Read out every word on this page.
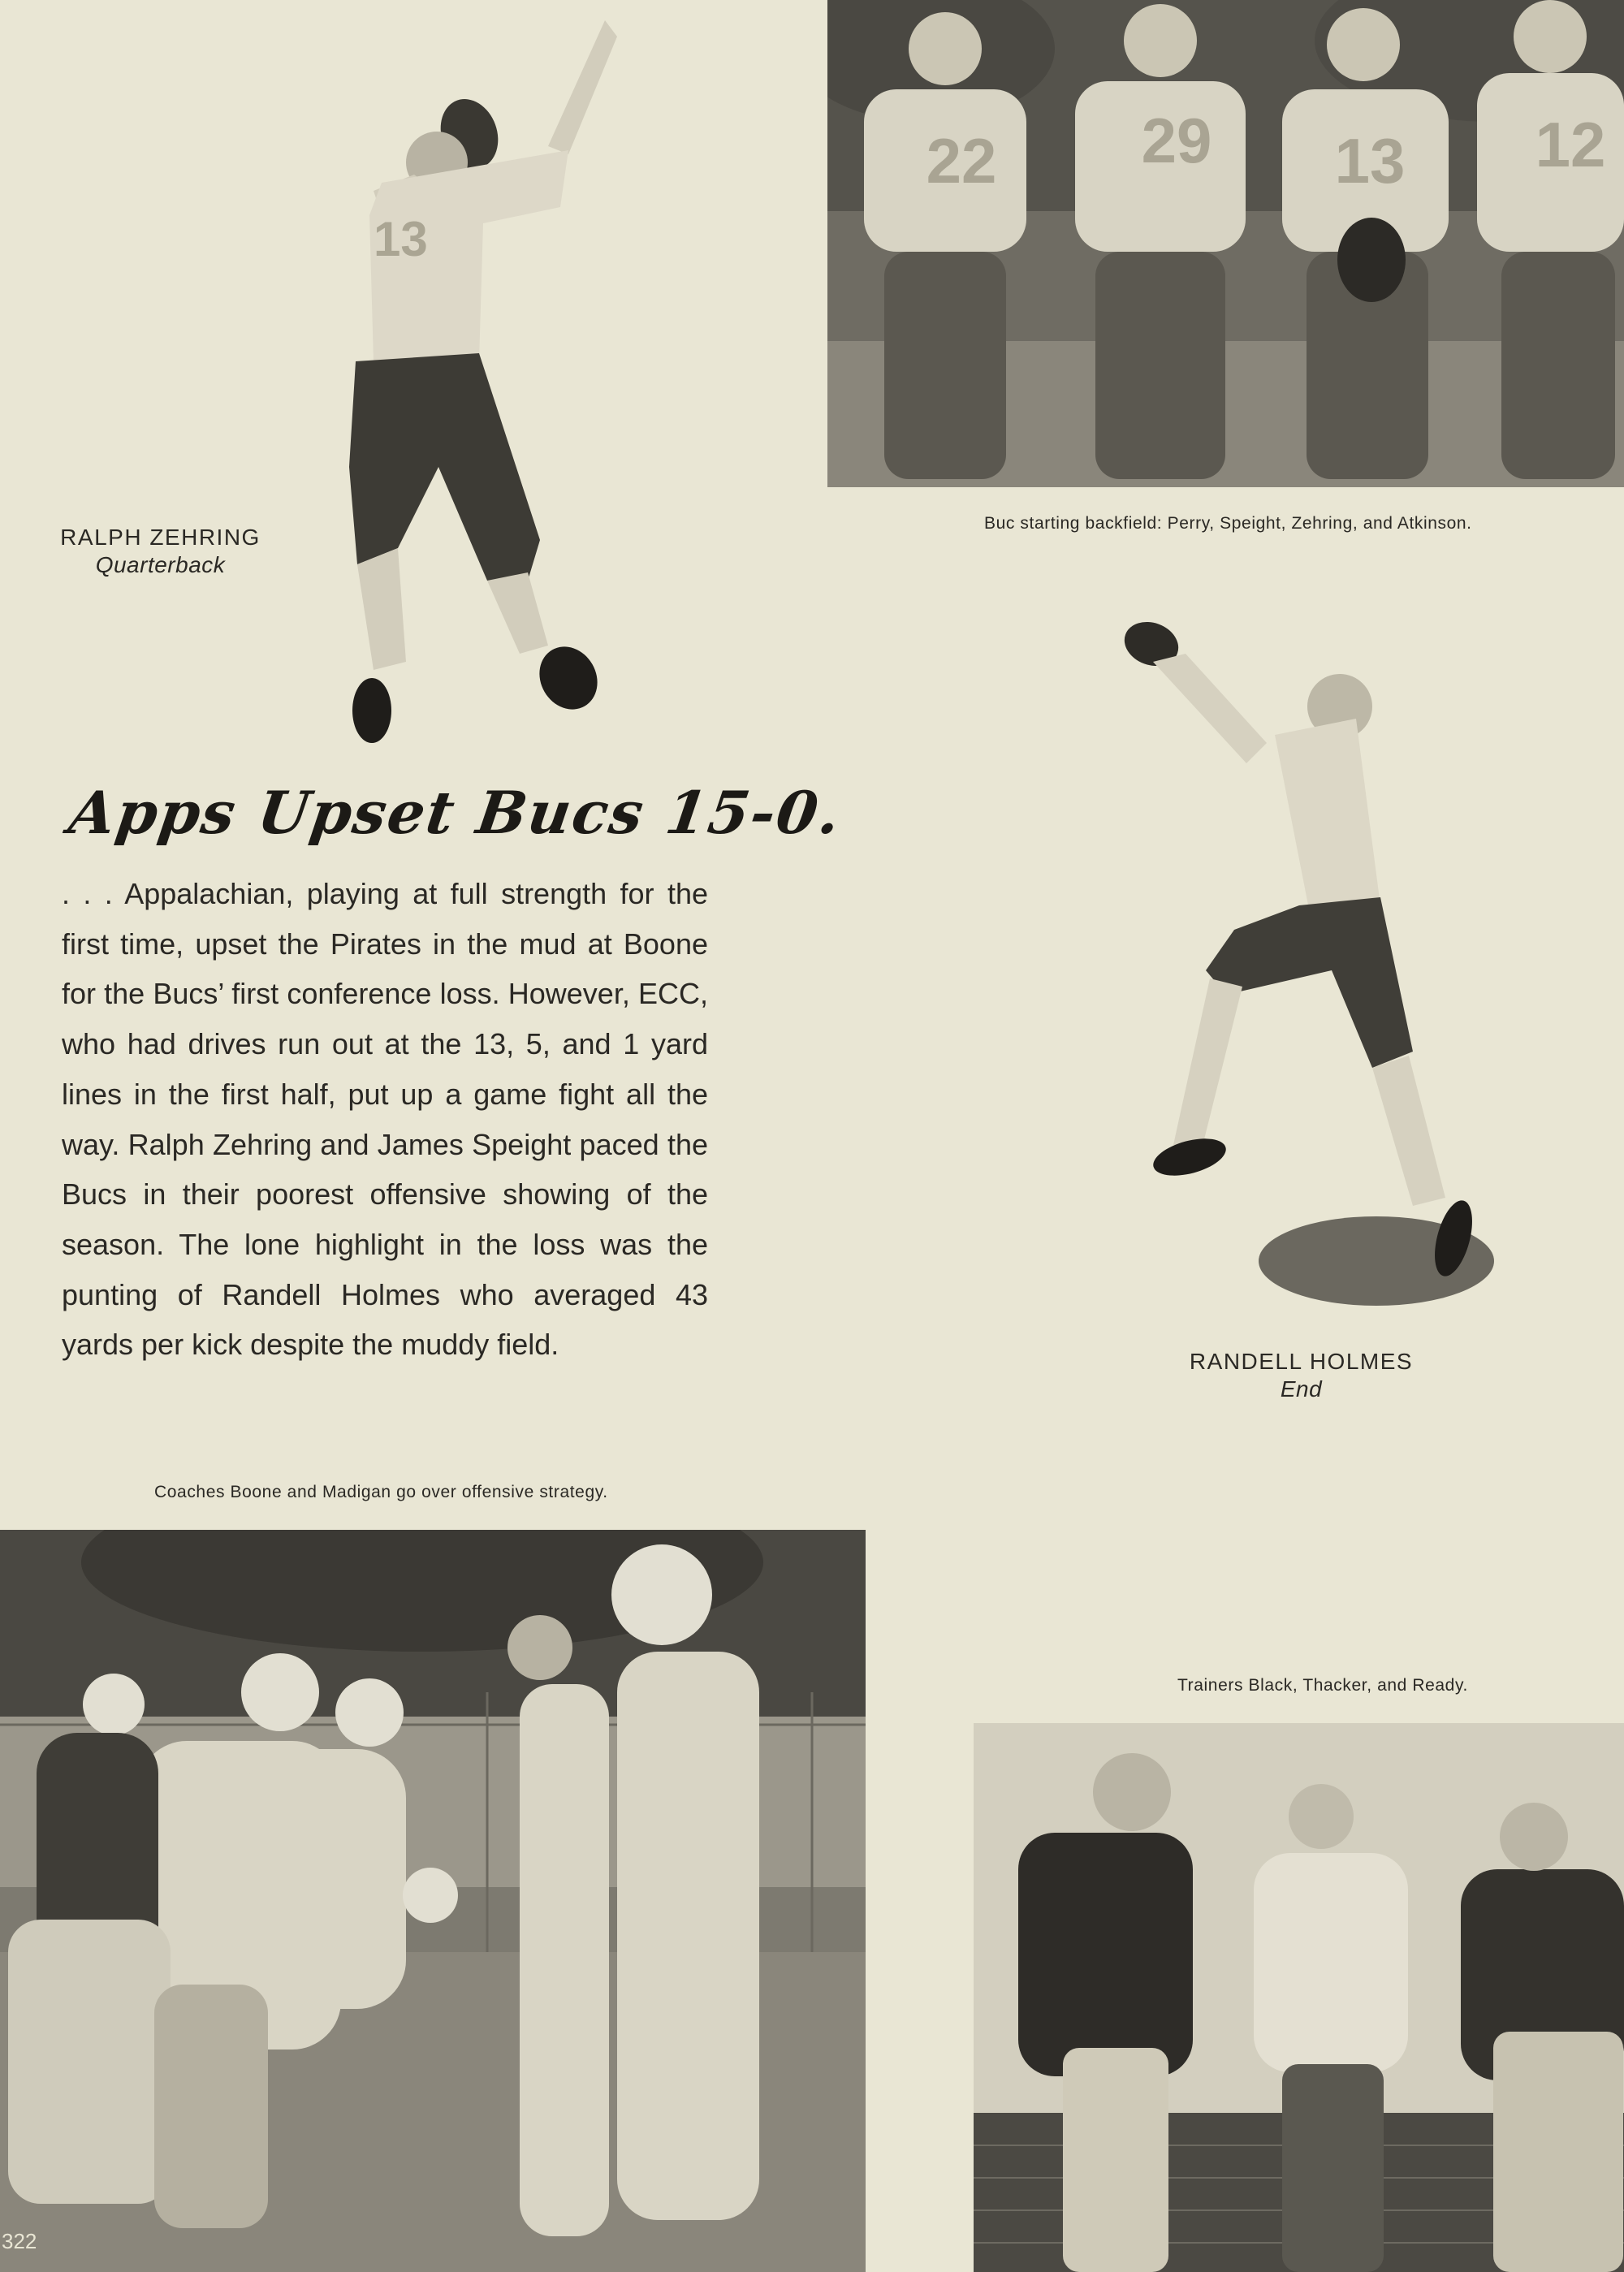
22 29 13 12
Buc starting backfield: Perry, Speight, Zehring, and Atkinson.
13
RALPH ZEHRING
Quarterback
Apps Upset Bucs 15-0.
. . . Appalachian, playing at full strength for the first time, upset the Pirates in the mud at Boone for the Bucs’ first conference loss. However, ECC, who had drives run out at the 13, 5, and 1 yard lines in the first half, put up a game fight all the way. Ralph Zehring and James Speight paced the Bucs in their poorest offensive showing of the season. The lone highlight in the loss was the punting of Randell Holmes who averaged 43 yards per kick despite the muddy field.
RANDELL HOLMES
End
Coaches Boone and Madigan go over offensive strategy.
322
Trainers Black, Thacker, and Ready.
